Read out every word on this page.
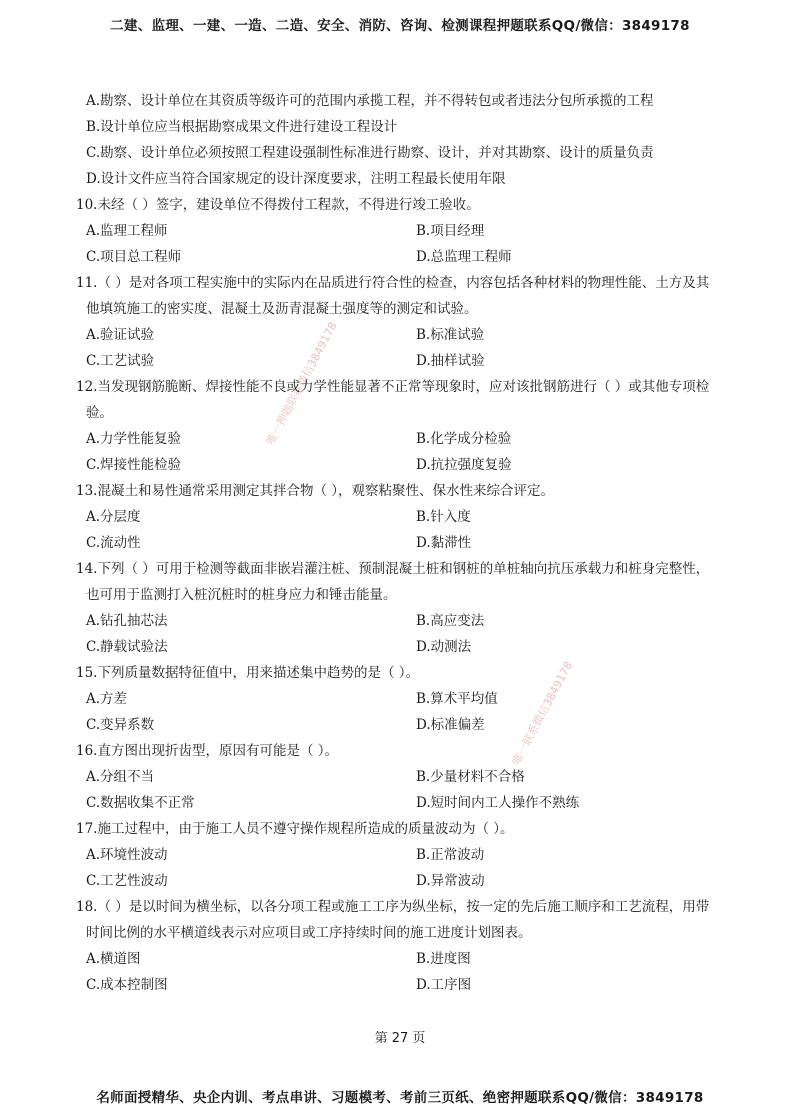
二建、监理、一建、一造、二造、安全、消防、咨询、检测课程押题联系QQ/微信：3849178
唯一押题联系微信3849178
唯一联系微信3849178
A.勘察、设计单位在其资质等级许可的范围内承揽工程，并不得转包或者违法分包所承揽的工程
B.设计单位应当根据勘察成果文件进行建设工程设计
C.勘察、设计单位必须按照工程建设强制性标准进行勘察、设计，并对其勘察、设计的质量负责
D.设计文件应当符合国家规定的设计深度要求，注明工程最长使用年限
10.未经（ ）签字，建设单位不得拨付工程款，不得进行竣工验收。
A.监理工程师	B.项目经理
C.项目总工程师	D.总监理工程师
11.（ ）是对各项工程实施中的实际内在品质进行符合性的检查，内容包括各种材料的物理性能、土方及其
他填筑施工的密实度、混凝土及沥青混凝土强度等的测定和试验。
A.验证试验	B.标准试验
C.工艺试验	D.抽样试验
12.当发现钢筋脆断、焊接性能不良或力学性能显著不正常等现象时，应对该批钢筋进行（ ）或其他专项检
验。
A.力学性能复验	B.化学成分检验
C.焊接性能检验	D.抗拉强度复验
13.混凝土和易性通常采用测定其拌合物（ ），观察粘聚性、保水性来综合评定。
A.分层度	B.针入度
C.流动性	D.黏滞性
14.下列（ ）可用于检测等截面非嵌岩灌注桩、预制混凝土桩和钢桩的单桩轴向抗压承载力和桩身完整性，
也可用于监测打入桩沉桩时的桩身应力和锤击能量。
A.钻孔抽芯法	B.高应变法
C.静载试验法	D.动测法
15.下列质量数据特征值中，用来描述集中趋势的是（ ）。
A.方差	B.算术平均值
C.变异系数	D.标准偏差
16.直方图出现折齿型，原因有可能是（ ）。
A.分组不当	B.少量材料不合格
C.数据收集不正常	D.短时间内工人操作不熟练
17.施工过程中，由于施工人员不遵守操作规程所造成的质量波动为（ ）。
A.环境性波动	B.正常波动
C.工艺性波动	D.异常波动
18.（ ）是以时间为横坐标，以各分项工程或施工工序为纵坐标，按一定的先后施工顺序和工艺流程，用带
时间比例的水平横道线表示对应项目或工序持续时间的施工进度计划图表。
A.横道图	B.进度图
C.成本控制图	D.工序图
第 27 页
名师面授精华、央企内训、考点串讲、习题模考、考前三页纸、绝密押题联系QQ/微信：3849178
